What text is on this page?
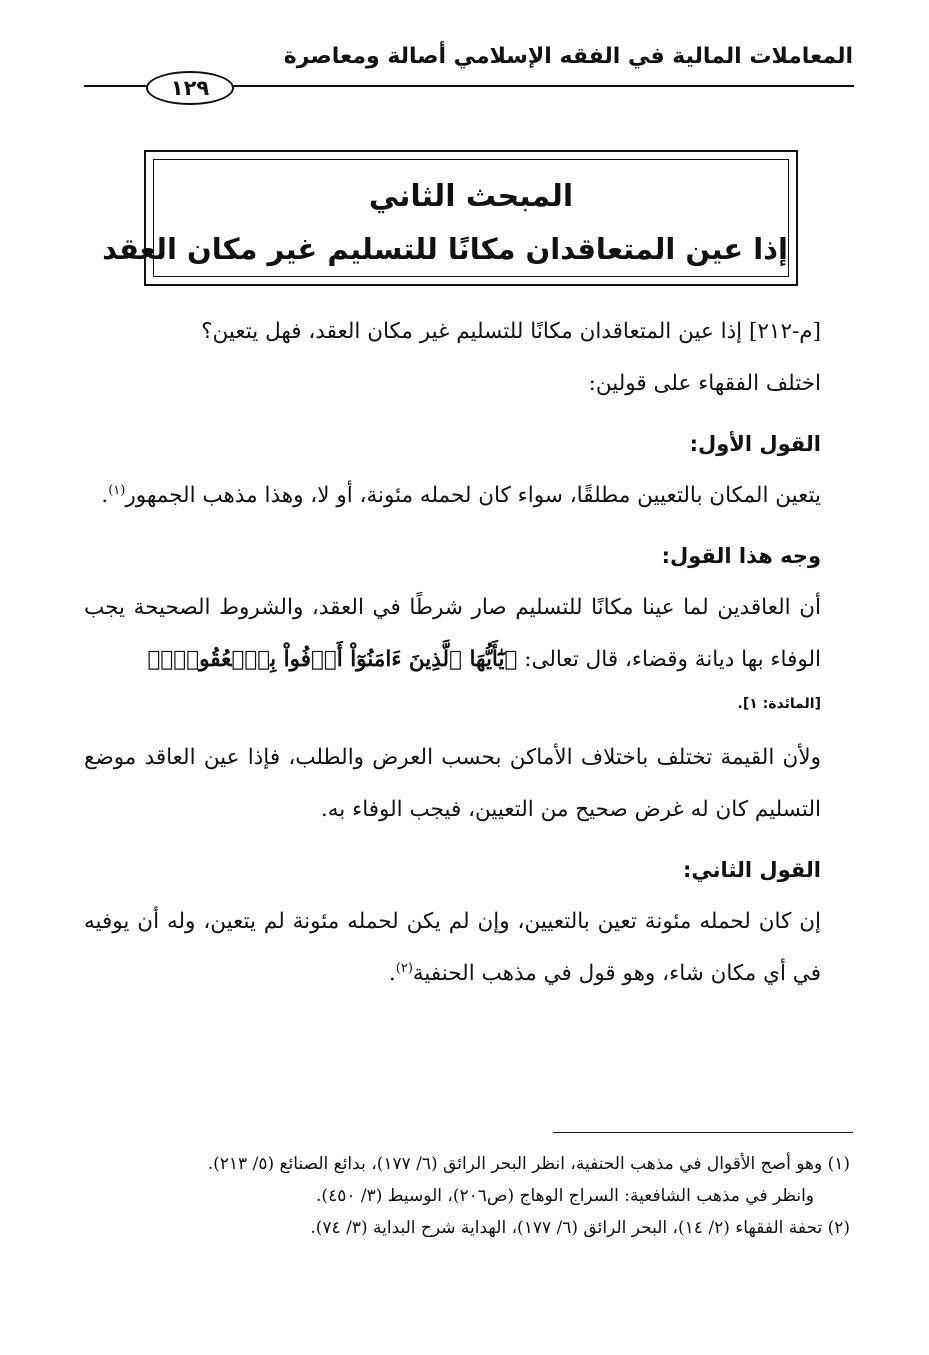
المعاملات المالية في الفقه الإسلامي أصالة ومعاصرة
١٢٩
المبحث الثاني
إذا عين المتعاقدان مكانًا للتسليم غير مكان العقد

[م-٢١٢] إذا عين المتعاقدان مكانًا للتسليم غير مكان العقد، فهل يتعين؟

اختلف الفقهاء على قولين:

القول الأول:

يتعين المكان بالتعيين مطلقًا، سواء كان لحمله مئونة، أو لا، وهذا مذهب الجمهور$^{(١)}$.

وجه هذا القول:

أن العاقدين لما عينا مكانًا للتسليم صار شرطًا في العقد، والشروط الصحيحة يجب الوفاء بها ديانة وقضاء، قال تعالى: ﴿يَٰٓأَيُّهَا ٱلَّذِينَ ءَامَنُوٓاْ أَوۡفُواْ بِٱلۡعُقُودِۚ﴾

[المائدة: ١].

ولأن القيمة تختلف باختلاف الأماكن بحسب العرض والطلب، فإذا عين العاقد موضع التسليم كان له غرض صحيح من التعيين، فيجب الوفاء به.

القول الثاني:

إن كان لحمله مئونة تعين بالتعيين، وإن لم يكن لحمله مئونة لم يتعين، وله أن يوفيه في أي مكان شاء، وهو قول في مذهب الحنفية$^{(٢)}$.

(١) وهو أصح الأقوال في مذهب الحنفية، انظر البحر الرائق (٦/ ١٧٧)، بدائع الصنائع (٥/ ٢١٣).

وانظر في مذهب الشافعية: السراج الوهاج (ص٢٠٦)، الوسيط (٣/ ٤٥٠).

(٢) تحفة الفقهاء (٢/ ١٤)، البحر الرائق (٦/ ١٧٧)، الهداية شرح البداية (٣/ ٧٤).
